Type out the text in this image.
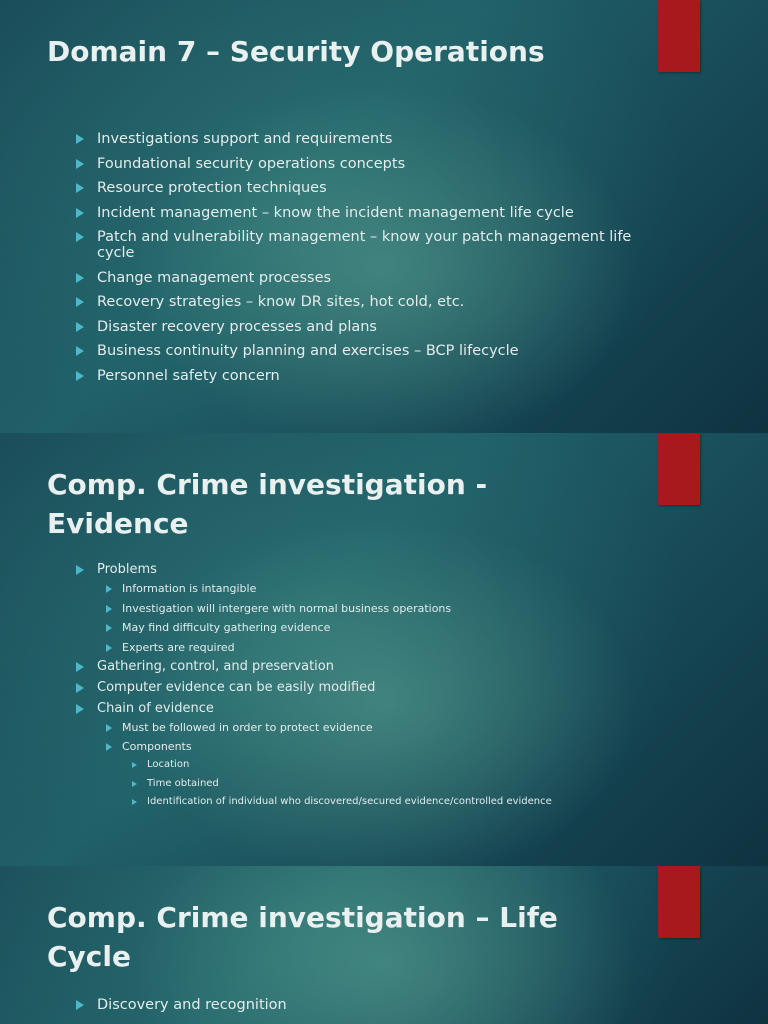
Domain 7 – Security Operations
Investigations support and requirements
Foundational security operations concepts
Resource protection techniques
Incident management – know the incident management life cycle
Patch and vulnerability management – know your patch management life cycle
Change management processes
Recovery strategies – know DR sites, hot cold, etc.
Disaster recovery processes and plans
Business continuity planning and exercises – BCP lifecycle
Personnel safety concern
Comp. Crime investigation -
Evidence
Problems
Information is intangible
Investigation will intergere with normal business operations
May find difficulty gathering evidence
Experts are required
Gathering, control, and preservation
Computer evidence can be easily modified
Chain of evidence
Must be followed in order to protect evidence
Components
Location
Time obtained
Identification of individual who discovered/secured evidence/controlled evidence
Comp. Crime investigation – Life
Cycle
Discovery and recognition
